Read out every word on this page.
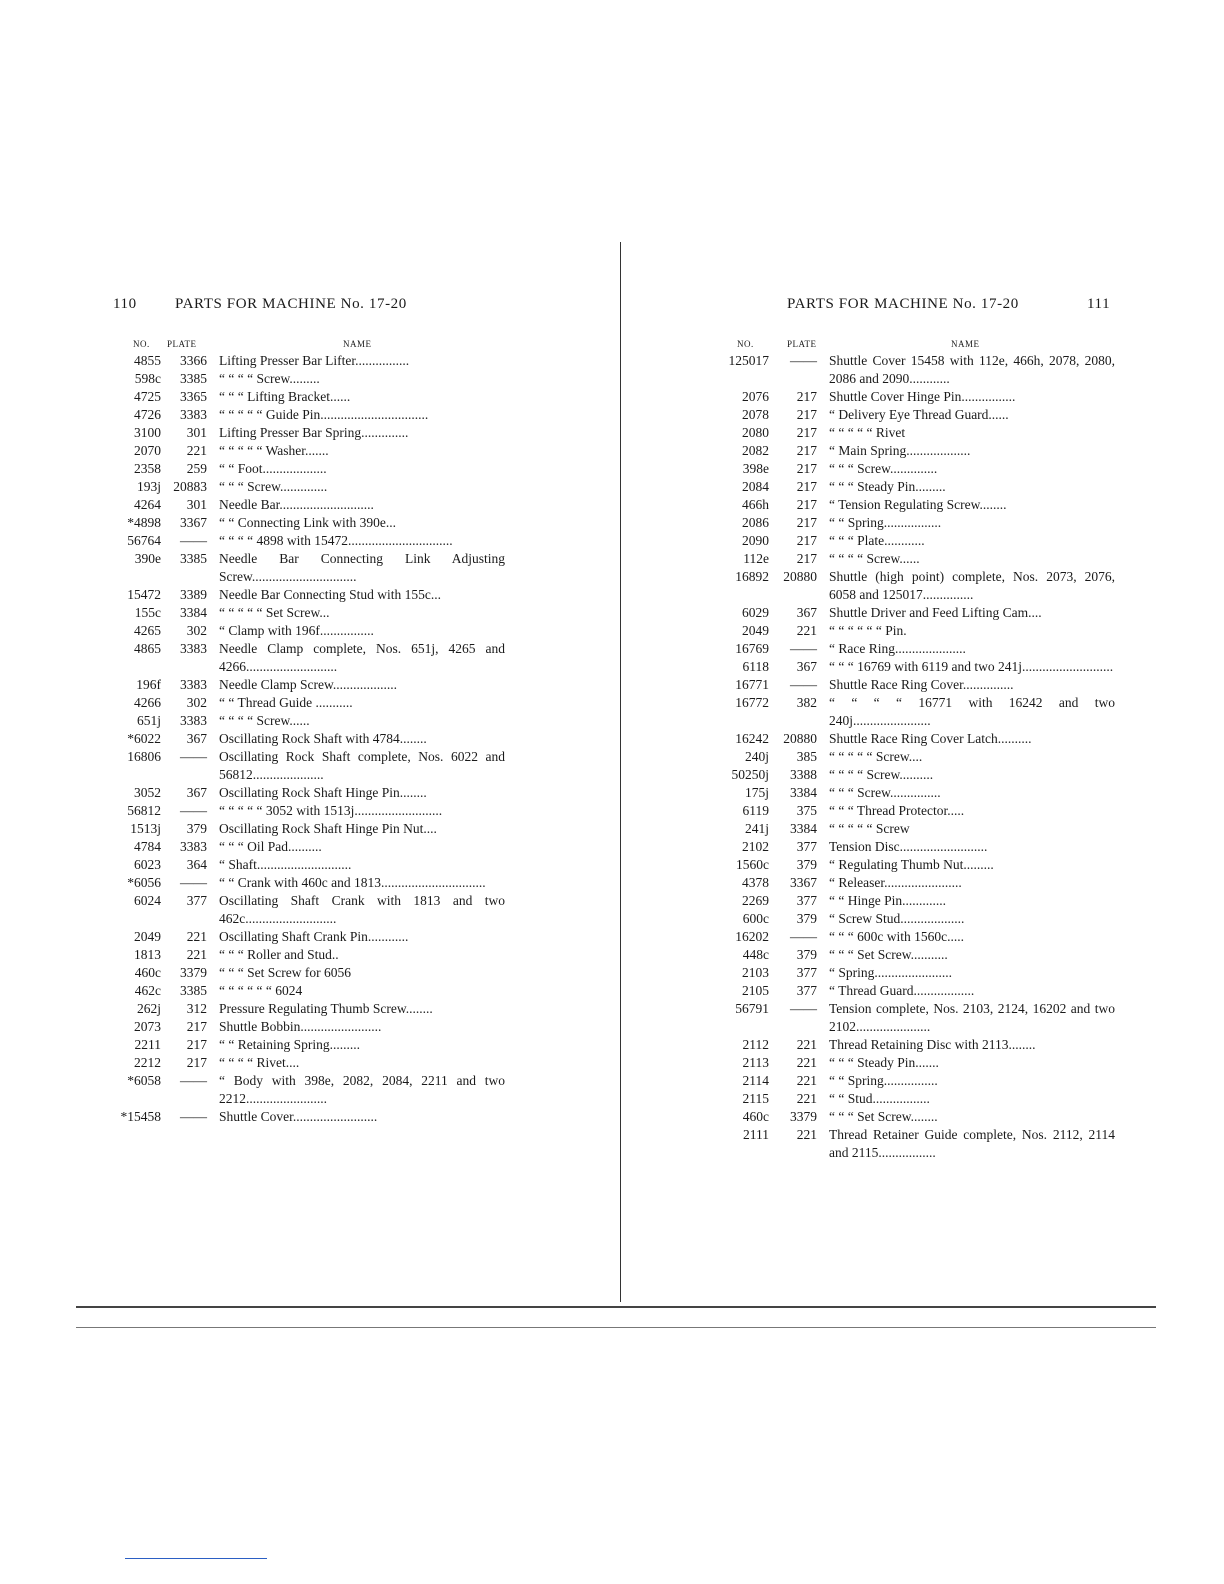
110	PARTS FOR MACHINE No. 17-20
NO. PLATE	NAME
4855	3366 Lifting Presser Bar Lifter................
598c	3385 “ “ “ “ Screw.........
4725	3365 “ “ “ Lifting Bracket......
4726	3383 “ “ “ “ “ Guide Pin................................
3100	301 Lifting Presser Bar Spring..............
2070	221 “ “ “ “ “ Washer.......
2358	259 “ “ Foot...................
193j 20883 “ “ “ Screw..............
4264	301 Needle Bar............................
*4898	3367 “ “ Connecting Link with 390e...
56764	—— “ “ “ “ 4898 with 15472...............................
390e	3385 Needle Bar Connecting Link Adjusting Screw...............................
15472	3389 Needle Bar Connecting Stud with 155c...
155c	3384 “ “ “ “ “ Set Screw...
4265	302 “ Clamp with 196f................
4865	3383 Needle Clamp complete, Nos. 651j, 4265 and 4266...........................
196f	3383 Needle Clamp Screw...................
4266	302 “ “ Thread Guide ...........
651j	3383 “ “ “ “ Screw......
*6022	367 Oscillating Rock Shaft with 4784........
16806	—— Oscillating Rock Shaft complete, Nos. 6022 and 56812.....................
3052	367 Oscillating Rock Shaft Hinge Pin........
56812	—— “ “ “ “ “ 3052 with 1513j..........................
1513j	379 Oscillating Rock Shaft Hinge Pin Nut....
4784	3383 “ “ “ Oil Pad..........
6023	364 “ Shaft............................
*6056	—— “ “ Crank with 460c and 1813...............................
6024	377 Oscillating Shaft Crank with 1813 and two 462c...........................
2049	221 Oscillating Shaft Crank Pin............
1813	221 “ “ “ Roller and Stud..
460c	3379 “ “ “ Set Screw for 6056
462c	3385 “ “ “ “ “ “ 6024
262j	312 Pressure Regulating Thumb Screw........
2073	217 Shuttle Bobbin........................
2211	217 “ “ Retaining Spring.........
2212	217 “ “ “ “ Rivet....
*6058	—— “ Body with 398e, 2082, 2084, 2211 and two 2212........................
*15458	—— Shuttle Cover.........................
PARTS FOR MACHINE No. 17-20	111
NO.	PLATE	NAME
125017	—— Shuttle Cover 15458 with 112e, 466h, 2078, 2080, 2086 and 2090............
2076	217 Shuttle Cover Hinge Pin................
2078	217 “ Delivery Eye Thread Guard......
2080	217 “ “ “ “ “ Rivet
2082	217 “ Main Spring...................
398e	217 “ “ “ Screw..............
2084	217 “ “ “ Steady Pin.........
466h	217 “ Tension Regulating Screw........
2086	217 “ “ Spring.................
2090	217 “ “ “ Plate............
112e	217 “ “ “ “ Screw......
16892	20880 Shuttle (high point) complete, Nos. 2073, 2076, 6058 and 125017...............
6029	367 Shuttle Driver and Feed Lifting Cam....
2049	221 “ “ “ “ “ “ Pin.
16769	—— “ Race Ring.....................
6118	367 “ “ “ 16769 with 6119 and two 241j...........................
16771	—— Shuttle Race Ring Cover...............
16772	382 “ “ “ “ 16771 with 16242 and two 240j.......................
16242	20880 Shuttle Race Ring Cover Latch..........
240j	385 “ “ “ “ “ Screw....
50250j	3388 “ “ “ “ Screw..........
175j	3384 “ “ “ Screw...............
6119	375 “ “ “ Thread Protector.....
241j	3384 “ “ “ “ “ Screw
2102	377 Tension Disc..........................
1560c	379 “ Regulating Thumb Nut.........
4378	3367 “ Releaser.......................
2269	377 “ “ Hinge Pin.............
600c	379 “ Screw Stud...................
16202	—— “ “ “ 600c with 1560c.....
448c	379 “ “ “ Set Screw...........
2103	377 “ Spring.......................
2105	377 “ Thread Guard..................
56791	—— Tension complete, Nos. 2103, 2124, 16202 and two 2102......................
2112	221 Thread Retaining Disc with 2113........
2113	221 “ “ “ Steady Pin.......
2114	221 “ “ Spring................
2115	221 “ “ Stud.................
460c	3379 “ “ “ Set Screw........
2111	221 Thread Retainer Guide complete, Nos. 2112, 2114 and 2115.................
